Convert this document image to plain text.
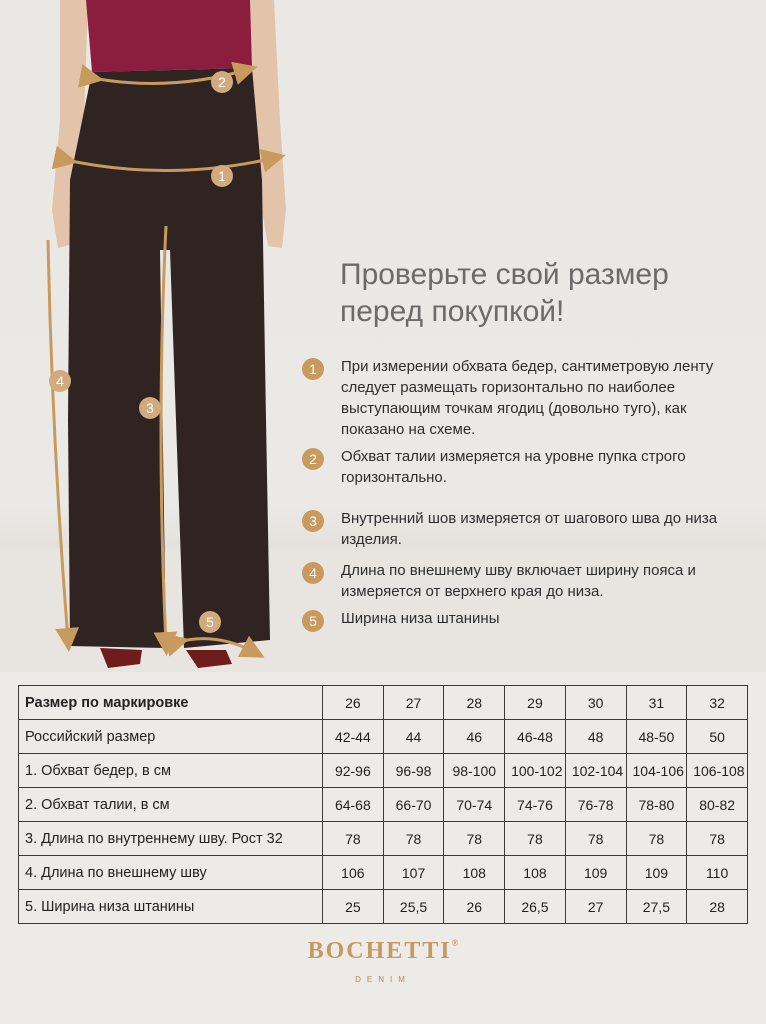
2
1
4
3
5
Проверьте свой размер
перед покупкой!
1	При измерении обхвата бедер, сантиметровую ленту следует размещать горизонтально по наиболее выступающим точкам ягодиц (довольно туго), как показано на схеме.
2	Обхват талии измеряется на уровне пупка строго горизонтально.
3	Внутренний шов измеряется от шагового шва до низа изделия.
4	Длина по внешнему шву включает ширину пояса и измеряется от верхнего края до низа.
5	Ширина низа штанины
Размер по маркировке	26	27	28	29	30	31	32
Российский размер	42-44	44	46	46-48	48	48-50	50
1. Обхват бедер, в см	92-96	96-98	98-100	100-102	102-104	104-106	106-108
2. Обхват талии, в см	64-68	66-70	70-74	74-76	76-78	78-80	80-82
3. Длина по внутреннему шву. Рост 32	78	78	78	78	78	78	78
4. Длина по внешнему шву	106	107	108	108	109	109	110
5. Ширина низа штанины	25	25,5	26	26,5	27	27,5	28
BOCHETTI®
DENIM
